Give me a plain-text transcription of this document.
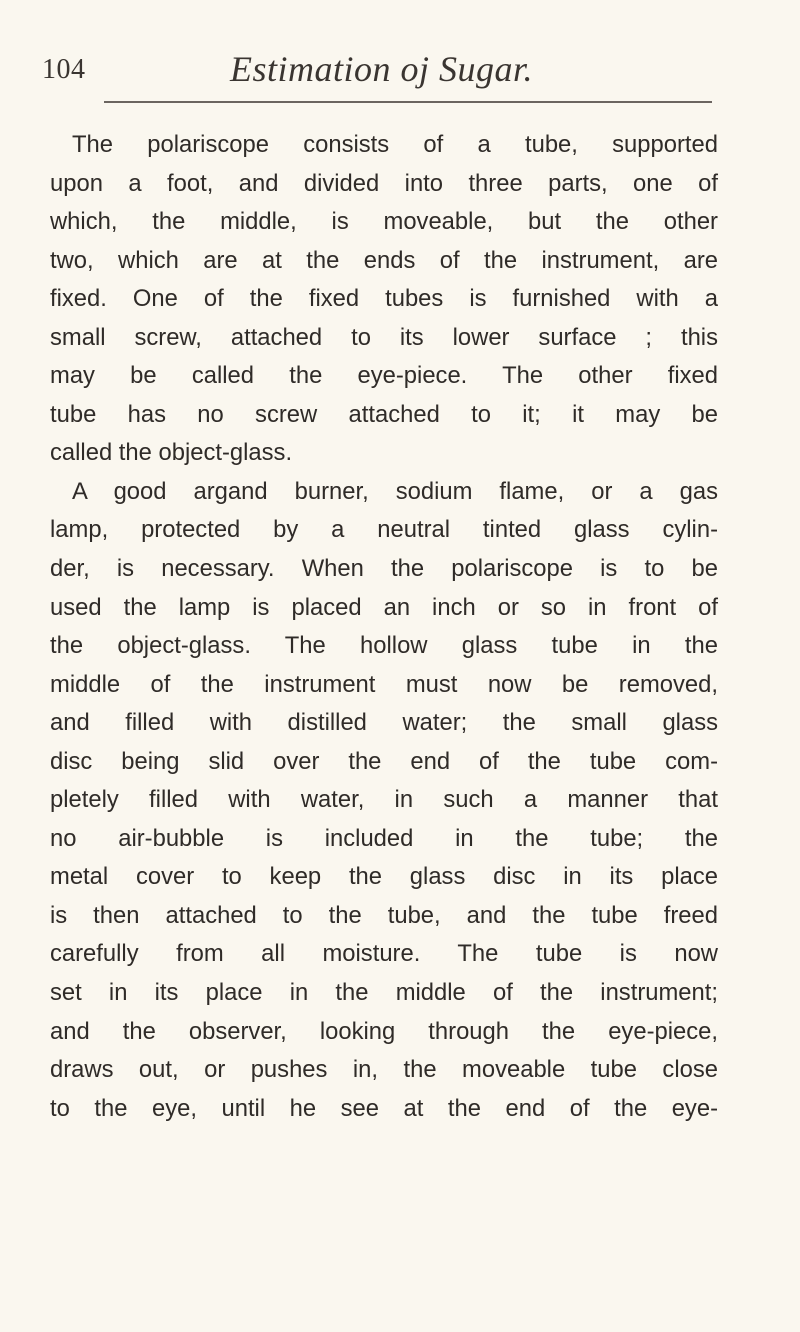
104	Estimation oj Sugar.
The polariscope consists of a tube, supported
upon a foot, and divided into three parts, one of
which, the middle, is moveable, but the other
two, which are at the ends of the instrument, are
fixed. One of the fixed tubes is furnished with a
small screw, attached to its lower surface ; this
may be called the eye-piece. The other fixed
tube has no screw attached to it; it may be
called the object-glass.
A good argand burner, sodium flame, or a gas
lamp, protected by a neutral tinted glass cylin-
der, is necessary. When the polariscope is to be
used the lamp is placed an inch or so in front of
the object-glass. The hollow glass tube in the
middle of the instrument must now be removed,
and filled with distilled water; the small glass
disc being slid over the end of the tube com-
pletely filled with water, in such a manner that
no air-bubble is included in the tube; the
metal cover to keep the glass disc in its place
is then attached to the tube, and the tube freed
carefully from all moisture. The tube is now
set in its place in the middle of the instrument;
and the observer, looking through the eye-piece,
draws out, or pushes in, the moveable tube close
to the eye, until he see at the end of the eye-
